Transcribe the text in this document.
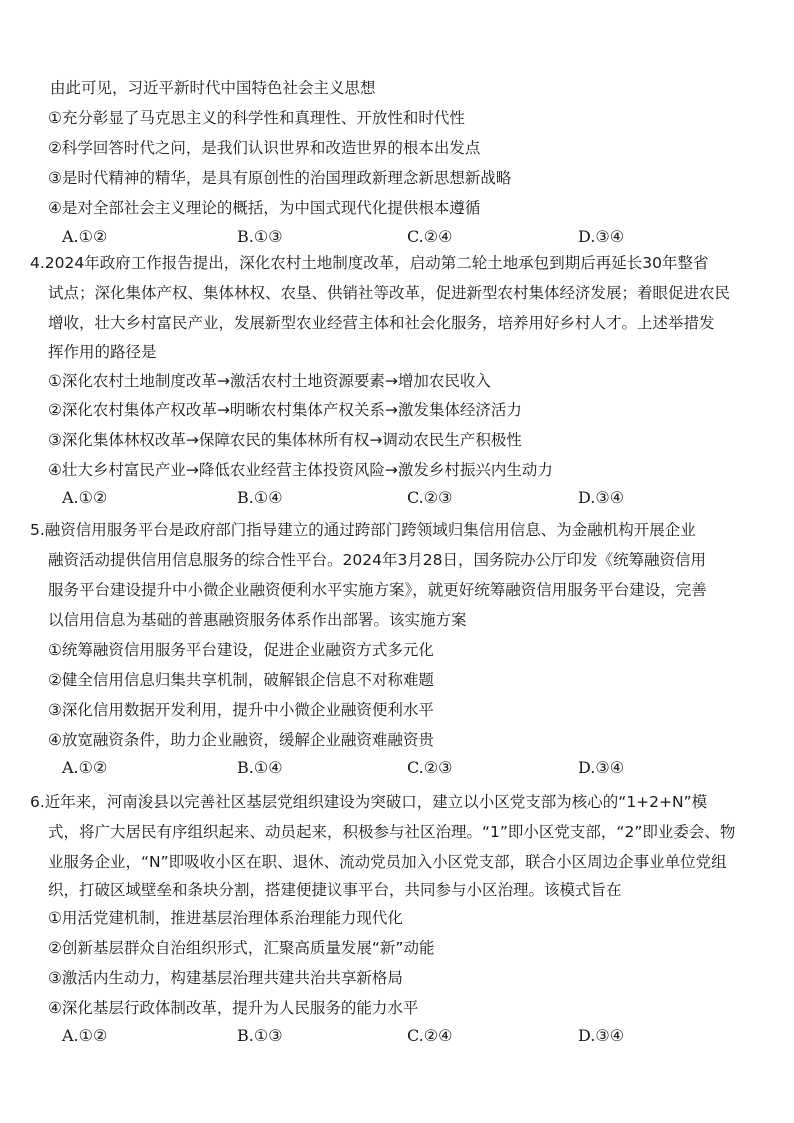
由此可见，习近平新时代中国特色社会主义思想
①充分彰显了马克思主义的科学性和真理性、开放性和时代性
②科学回答时代之问，是我们认识世界和改造世界的根本出发点
③是时代精神的精华，是具有原创性的治国理政新理念新思想新战略
④是对全部社会主义理论的概括，为中国式现代化提供根本遵循
A.①②	B.①③	C.②④	D.③④
4.2024年政府工作报告提出，深化农村土地制度改革，启动第二轮土地承包到期后再延长30年整省
试点；深化集体产权、集体林权、农垦、供销社等改革，促进新型农村集体经济发展；着眼促进农民
增收，壮大乡村富民产业，发展新型农业经营主体和社会化服务，培养用好乡村人才。上述举措发
挥作用的路径是
①深化农村土地制度改革→激活农村土地资源要素→增加农民收入
②深化农村集体产权改革→明晰农村集体产权关系→激发集体经济活力
③深化集体林权改革→保障农民的集体林所有权→调动农民生产积极性
④壮大乡村富民产业→降低农业经营主体投资风险→激发乡村振兴内生动力
A.①②	B.①④	C.②③	D.③④
5.融资信用服务平台是政府部门指导建立的通过跨部门跨领域归集信用信息、为金融机构开展企业
融资活动提供信用信息服务的综合性平台。2024年3月28日，国务院办公厅印发《统筹融资信用
服务平台建设提升中小微企业融资便利水平实施方案》，就更好统筹融资信用服务平台建设，完善
以信用信息为基础的普惠融资服务体系作出部署。该实施方案
①统筹融资信用服务平台建设，促进企业融资方式多元化
②健全信用信息归集共享机制，破解银企信息不对称难题
③深化信用数据开发利用，提升中小微企业融资便利水平
④放宽融资条件，助力企业融资，缓解企业融资难融资贵
A.①②	B.①④	C.②③	D.③④
6.近年来，河南浚县以完善社区基层党组织建设为突破口，建立以小区党支部为核心的“1+2+N”模
式，将广大居民有序组织起来、动员起来，积极参与社区治理。“1”即小区党支部，“2”即业委会、物
业服务企业，“N”即吸收小区在职、退休、流动党员加入小区党支部，联合小区周边企事业单位党组
织，打破区域壁垒和条块分割，搭建便捷议事平台，共同参与小区治理。该模式旨在
①用活党建机制，推进基层治理体系治理能力现代化
②创新基层群众自治组织形式，汇聚高质量发展“新”动能
③激活内生动力，构建基层治理共建共治共享新格局
④深化基层行政体制改革，提升为人民服务的能力水平
A.①②	B.①③	C.②④	D.③④
